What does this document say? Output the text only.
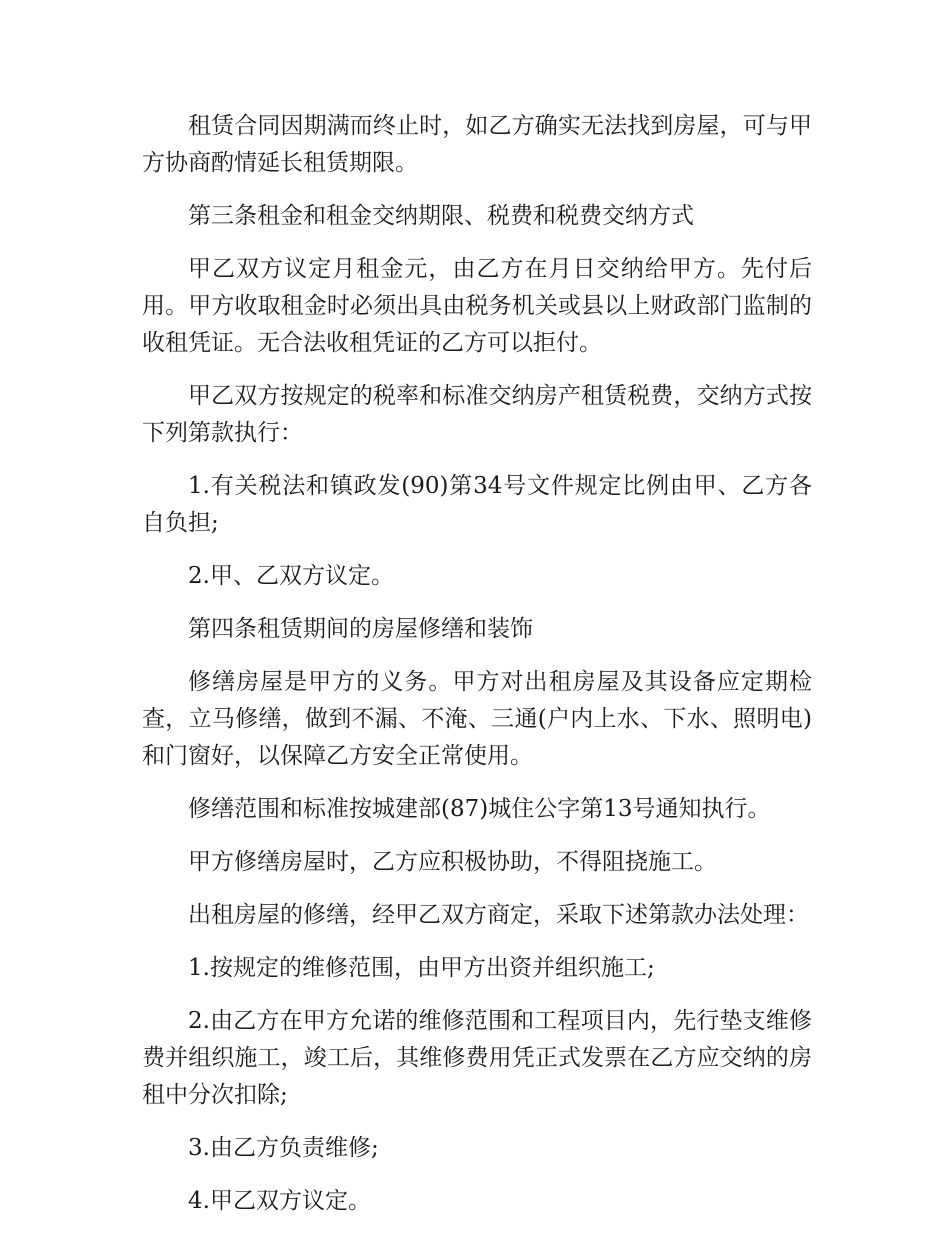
租赁合同因期满而终止时，如乙方确实无法找到房屋，可与甲方协商酌情延长租赁期限。

第三条租金和租金交纳期限、税费和税费交纳方式

甲乙双方议定月租金元，由乙方在月日交纳给甲方。先付后用。甲方收取租金时必须出具由税务机关或县以上财政部门监制的收租凭证。无合法收租凭证的乙方可以拒付。

甲乙双方按规定的税率和标准交纳房产租赁税费，交纳方式按下列第款执行：

1.有关税法和镇政发(90)第34号文件规定比例由甲、乙方各自负担;

2.甲、乙双方议定。

第四条租赁期间的房屋修缮和装饰

修缮房屋是甲方的义务。甲方对出租房屋及其设备应定期检查，立马修缮，做到不漏、不淹、三通(户内上水、下水、照明电)和门窗好，以保障乙方安全正常使用。

修缮范围和标准按城建部(87)城住公字第13号通知执行。

甲方修缮房屋时，乙方应积极协助，不得阻挠施工。

出租房屋的修缮，经甲乙双方商定，采取下述第款办法处理：

1.按规定的维修范围，由甲方出资并组织施工;

2.由乙方在甲方允诺的维修范围和工程项目内，先行垫支维修费并组织施工，竣工后，其维修费用凭正式发票在乙方应交纳的房租中分次扣除;

3.由乙方负责维修;

4.甲乙双方议定。
